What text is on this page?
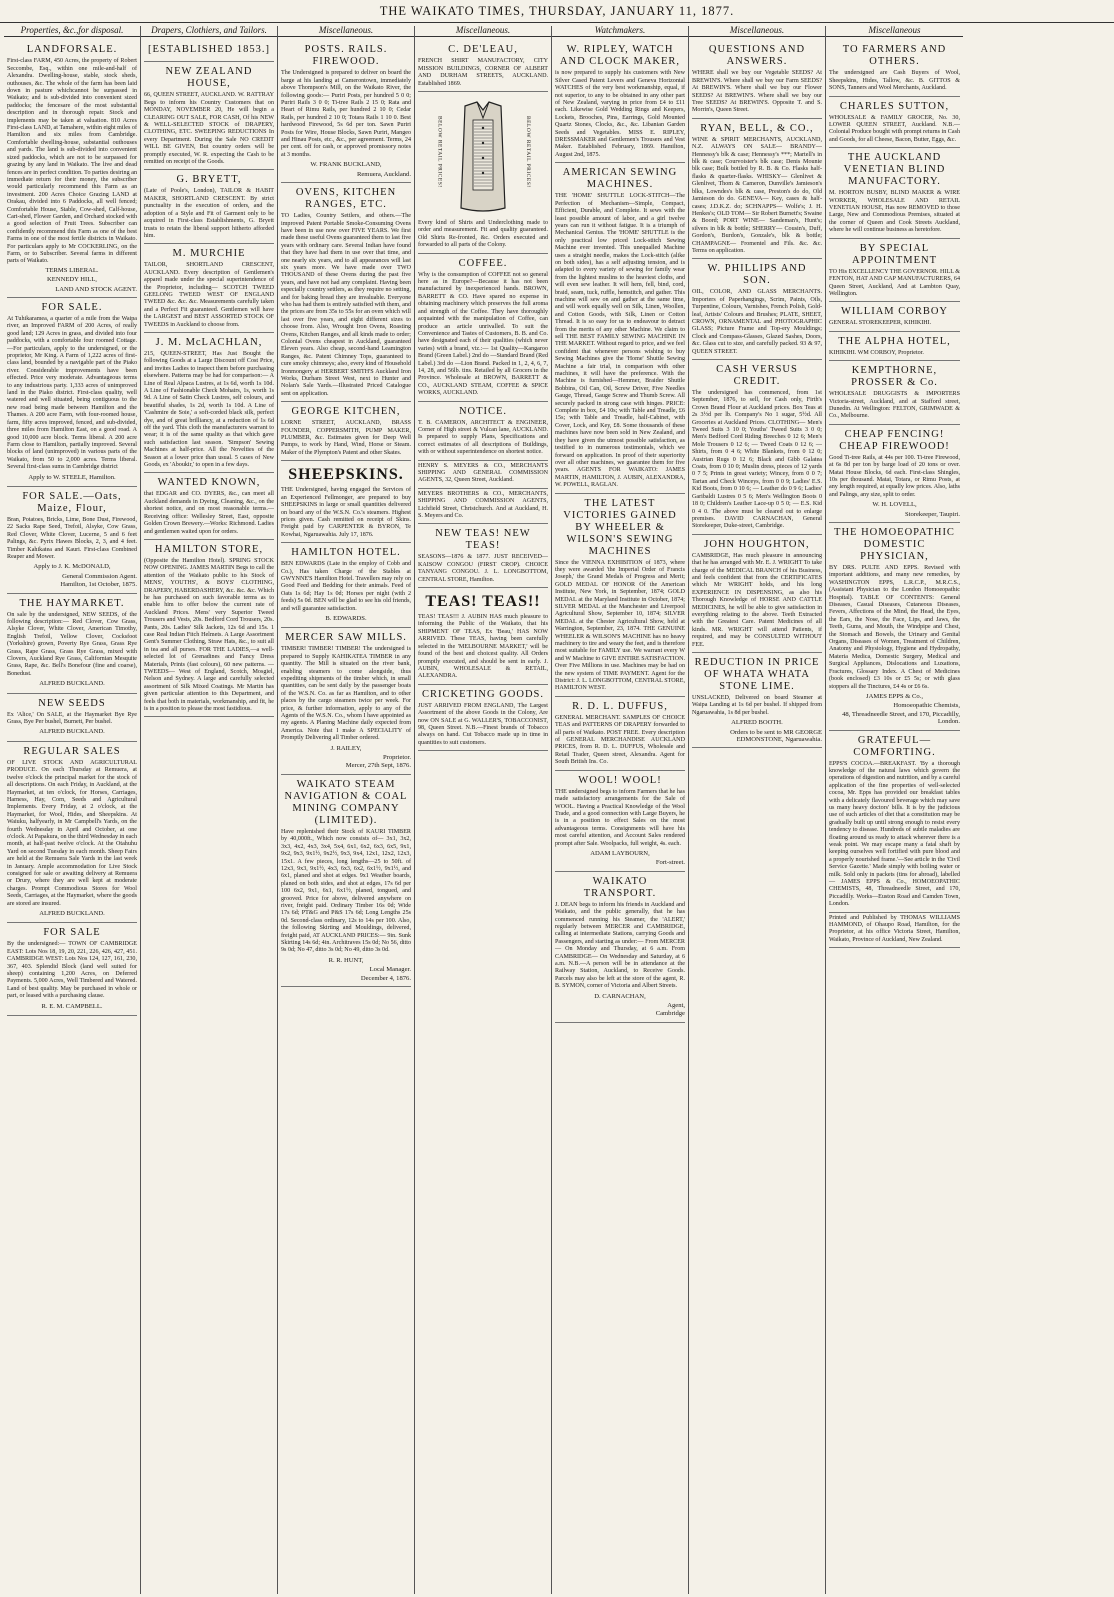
THE WAIKATO TIMES, THURSDAY, JANUARY 11, 1877.
Properties, &c.,for disposal.
LANDFORSALE.
First-class FARM, 450 Acres, the property of Robert Seccombe, Esq., within one mile-and-half of Alexandra. Dwelling-house, stable, stock sheds, outhouses, &c. The whole of the farm has been laid down in pasture whichcannot be surpassed in Waikato; and is sub-divided into convenient sized paddocks; the fencesare of the most substantial description and in thorough repair. Stock and implements may be taken at valuation. 810 Acres First-class LAND, at Tamahere, within eight miles of Hamilton and six miles from Cambridge. Comfortable dwelling-house, substantial outhouses and yards. The land is sub-divided into convenient sized paddocks, which are not to be surpassed for grazing by any land in Waikato. The live and dead fences are in perfect condition. To parties desiring an immediate return for their money, the subscriber would particularly recommend this Farm as an investment. 200 Acres Choice Grazing LAND at Orakau, divided into 6 Paddocks, all well fenced; Comfortable House, Stable, Cow-shed, Calf-house, Cart-shed, Flower Garden, and Orchard stocked with a good selection of Fruit Trees. Subscriber can confidently recommend this Farm as one of the best Farms in one of the most fertile districts in Waikato. For particulars apply to Mr COCKERLING, on the Farm, or to Subscriber. Several farms in different parts of Waikato.
TERMS LIBERAL.
KENNEDY HILL,
LAND AND STOCK AGENT.
FOR SALE.
At Tuhikaramea, a quarter of a mile from the Waipa river, an Improved FARM of 200 Acres, of really good land; 129 Acres in grass, and divided into four paddocks, with a comfortable four roomed Cottage.—For particulars, apply to the undersigned, or the proprietor, Mr King. A Farm of 1,222 acres of first-class land, bounded by a navigable part of the Piako river. Considerable improvements have been effected. Price very moderate. Advantageous terms to any industrious party. 1,333 acres of unimproved land in the Piako district. First-class quality, well watered and well situated, being contiguous to the new road being made between Hamilton and the Thames. A 200 acre Farm, with four-roomed house, farm, fifty acres improved, fenced, and sub-divided, three miles from Hamilton East, on a good road. A good 10,000 acre block. Terms liberal. A 200 acre Farm close to Hamilton, partially improved. Several blocks of land (unimproved) in various parts of the Waikato, from 50 to 2,000 acres. Terms liberal. Several first-class sums in Cambridge district
Apply to W. STEELE, Hamilton.
FOR SALE.—Oats, Maize, Flour,
Bran, Potatoes, Bricks, Lime, Bone Dust, Firewood, 22 Sacks Rape Seed, Trefoil, Alsyke, Cow Grass, Red Clover, White Clover, Lucerne, 5 and 6 feet Palings, &c. Pyrix Hawes Blocks, 2, 3, and 4 feet. Timber Kahikatea and Kauri. First-class Combined Reaper and Mower.
Apply to J. K. McDONALD,
General Commission Agent.
Hamilton, 1st October, 1875.
THE HAYMARKET.
On sale by the undersigned, NEW SEEDS, of the following description:— Red Clover, Cow Grass, Alsyke Clover, White Clover, American Timothy, English Trefoil, Yellow Clover, Cocksfoot (Yorkshire) grown, Poverty Rye Grass, Grass Rye Grass, Rape Grass, Grass Rye Grass, mixed with Clovers, Auckland Rye Grass, Californian Mesquite Grass, Rape, &c. Bell's Bonefour (fine and coarse), Bonedust.
ALFRED BUCKLAND.
NEW SEEDS
Ex 'Alice,' On SALE, at the Haymarket Bye Rye Grass, Bye Per bushel, Burnett, Per bushel.
ALFRED BUCKLAND.
REGULAR SALES
OF LIVE STOCK AND AGRICULTURAL PRODUCE. On each Thursday at Remuera, at twelve o'clock the principal market for the stock of all descriptions. On each Friday, in Auckland, at the Haymarket, at ten o'clock, for Horses, Carriages, Harness, Hay, Corn, Seeds and Agricultural Implements. Every Friday, at 2 o'clock, at the Haymarket, for Wool, Hides, and Sheepskins. At Waiuku, halfyearly, in Mr Campbell's Yards, on the fourth Wednesday in April and October, at one o'clock. At Papakura, on the third Wednesday in each month, at half-past twelve o'clock. At the Otahuhu Yard on second Tuesday in each month. Sheep Fairs are held at the Remuera Sale Yards in the last week in January. Ample accommodation for Live Stock consigned for sale or awaiting delivery at Remuera or Drury, where they are well kept at moderate charges. Prompt Commodious Stores for Wool Seeds, Carriages, at the Haymarket, where the goods are stored are insured.
ALFRED BUCKLAND.
FOR SALE
By the undersigned:— TOWN OF CAMBRIDGE EAST: Lots Nos 18, 19, 20, 221, 226, 426, 427, 451. CAMBRIDGE WEST: Lots Nos 124, 127, 161, 230, 367, 403. Splendid Block (land well suited for sheep) containing 1,200 Acres, on Deferred Payments. 5,000 Acres, Well Timbered and Watered. Land of best quality. May be purchased in whole or part, or leased with a purchasing clause.
R. E. M. CAMPBELL.
Drapers, Clothiers, and Tailors.
[ESTABLISHED 1853.]
NEW ZEALAND HOUSE,
66, QUEEN STREET, AUCKLAND. W. RATTRAY Begs to inform his Country Customers that on MONDAY, NOVEMBER 20, He will begin a CLEARING OUT SALE, FOR CASH, Of his NEW & WELL-SELECTED STOCK of DRAPERY, CLOTHING, ETC. SWEEPING REDUCTIONS In every Department. During the Sale NO CREDIT WILL BE GIVEN, But country orders will be promptly executed, W. R. expecting the Cash to be remitted on receipt of the Goods.
G. BRYETT,
(Late of Poole's, London), TAILOR & HABIT MAKER, SHORTLAND CRESCENT. By strict punctuality in the execution of orders, and the adoption of a Style and Fit of Garment only to be acquired in First-class Establishments, G. Bryett trusts to retain the liberal support hitherto afforded him.
M. MURCHIE
TAILOR, SHORTLAND CRESCENT, AUCKLAND. Every description of Gentlemen's apparel made under the special superintendence of the Proprietor, including— SCOTCH TWEED GEELONG TWEED WEST OF ENGLAND TWEED &c. &c. &c. Measurements carefully taken and a Perfect Fit guaranteed. Gentlemen will have the LARGEST and BEST ASSORTED STOCK OF TWEEDS in Auckland to choose from.
J. M. McLACHLAN,
215, QUEEN-STREET, Has Just Bought the following Goods at a Large Discount off Cost Price, and invites Ladies to inspect them before purchasing elsewhere. Patterns may be had for comparison:— A Line of Real Alpaca Lustres, at 1s 6d, worth 1s 10d. A Line of Fashionable Check Mohairs, 1s, worth 1s 9d. A Line of Satin Check Lustres, self colours, and beautiful shades, 1s 2d, worth 1s 10d. A Line of 'Cashmire de Soie,' a soft-corded black silk, perfect dye, and of great brilliancy, at a reduction of 1s 6d off the yard. This cloth the manufacturers warrant to wear; it is of the same quality as that which gave such satisfaction last season. 'Simpson' Sewing Machines at half-price. All the Novelties of the Season at a lower price than usual. 5 cases of New Goods, ex 'Aboukir,' to open in a few days.
WANTED KNOWN,
that EDGAR and CO. DYERS, &c., can meet all Auckland demands in Dyeing, Cleaning, &c., on the shortest notice, and on most reasonable terms.—Receiving office: Wellesley Street, East, opposite Golden Crown Brewery.—Works: Richmond. Ladies and gentlemen waited upon for orders.
HAMILTON STORE,
(Opposite the Hamilton Hotel). SPRING STOCK NOW OPENING. JAMES MARTIN Begs to call the attention of the Waikato public to his Stock of MENS', YOUTHS', & BOYS' CLOTHING, DRAPERY, HABERDASHERY, &c. &c. &c. Which he has purchased on such favorable terms as to enable him to offer below the current rate of Auckland Prices. Mens' very Superior Tweed Trousers and Vests, 20s. Bedford Cord Trousers, 20s. Pants, 20s. Ladies' Silk Jackets, 12s 6d and 15s. 1 case Real Indian Fitch Helmets. A Large Assortment Gent's Summer Clothing, Straw Hats, &c., to suit all in tea and all purses. FOR THE LADIES,—a well-selected lot of Grenadines and Fancy Dress Materials, Prints (fast colours), 60 new patterns. —TWEEDS— West of England, Scotch, Mosgiel, Nelson and Sydney. A large and carefully selected assortment of Silk Mixed Coatings. Mr Martin has given particular attention to this Department, and feels that both in materials, workmanship, and fit, he is in a position to please the most fastidious.
Miscellaneous.
POSTS. RAILS. FIREWOOD.
The Undersigned is prepared to deliver on board the barge at his landing at Camerontown, immediately above Thompson's Mill, on the Waikato River, the following goods:— Puriri Posts, per hundred 5 0 0; Puriri Rails 3 0 0; Ti-tree Rails 2 15 0; Rata and Heart of Rimu Rails, per hundred 2 10 0; Cedar Rails, per hundred 2 10 0; Totara Rails 1 10 0. Best hardwood Firewood, 5s 6d per ton. Sawn Puriri Posts for Wire, House Blocks, Sawn Puriri, Mangeo and Hinau Posts, etc., &c., per agreement. Terms, 24 per cent. off for cash, or approved promissory notes at 3 months.
W. FRANK BUCKLAND,
Remuera, Auckland.
OVENS, KITCHEN RANGES, ETC.
TO Ladies, Country Settlers, and others.—The improved Patent Portable Smoke-Consuming Ovens have been in use now over FIVE YEARS. We first made these useful Ovens guaranteed them to last five years with ordinary care. Several Indian have found that they have had them in use over that time, and one nearly six years, and to all appearances will last six years more. We have made over TWO THOUSAND of these Ovens during the past five years, and have not had any complaint. Having been especially country settlers, as they require no setting, and for baking bread they are invaluable. Everyone who has had them is entirely satisfied with them, and the prices are from 35s to 55s for an oven which will last over five years, and eight different sizes to choose from. Also, Wrought Iron Ovens, Roasting Ovens, Kitchen Ranges, and all kinds made to order; Colonial Ovens cheapest in Auckland, guaranteed Eleven years. Also cheap, second-hand Leamington Ranges, &c. Patent Chimney Tops, guaranteed to cure smoky chimneys; also, every kind of Household Ironmongery at HERBERT SMITH'S Auckland Iron Works, Durham Street West, next to Hunter and Nolan's Sale Yards.—Illustrated Priced Catalogue sent on application.
GEORGE KITCHEN,
LORNE STREET, AUCKLAND, BRASS FOUNDER, COPPERSMITH, PUMP MAKER, PLUMBER, &c. Estimates given for Deep Well Pumps, to work by Hand, Wind, Horse or Steam. Maker of the Plympton's Patent and other Skates.
SHEEPSKINS.
THE Undersigned, having engaged the Services of an Experienced Fellmonger, are prepared to buy SHEEPSKINS in large or small quantities delivered on board any of the W.S.N. Co.'s steamers. Highest prices given. Cash remitted on receipt of Skins. Freight paid by CARPENTER & BYRON, Te Kowhai, Ngaruawahia. July 17, 1876.
HAMILTON HOTEL.
BEN EDWARDS (Late in the employ of Cobb and Co.), Has taken Charge of the Stables at GWYNNE'S Hamilton Hotel. Travellers may rely on Good Feed and Bedding for their animals. Feed of Oats 1s 6d; Hay 1s 0d; Horses per night (with 2 feeds) 5s 0d. BEN will be glad to see his old friends, and will guarantee satisfaction.
B. EDWARDS.
MERCER SAW MILLS.
TIMBER! TIMBER! TIMBER! The undersigned is prepared to Supply KAHIKATEA TIMBER in any quantity. The Mill is situated on the river bank, enabling steamers to come alongside, thus expediting shipments of the timber which, in small quantities, can be sent daily by the passenger boats of the W.S.N. Co. as far as Hamilton, and to other places by the cargo steamers twice per week. For price, & further information, apply to any of the Agents of the W.S.N. Co., whom I have appointed as my agents. A Planing Machine daily expected from America. Note that I make A SPECIALITY of Promptly Delivering all Timber ordered.
J. RAILEY,
Proprietor.
Mercer, 27th Sept, 1876.
WAIKATO STEAM NAVIGATION & COAL MINING COMPANY (LIMITED).
Have replenished their Stock of KAURI TIMBER by 40,000ft., Which now consists of— 3x1, 3x2, 3x3, 4x2, 4x3, 3x4, 5x4, 6x1, 6x2, 6x3, 6x5, 9x1, 9x2, 9x3, 9x1½, 9x2½, 9x3, 9x4, 12x1, 12x2, 12x3, 15x1. A few pieces, long lengths—25 to 50ft. of 12x3, 9x3, 9x1½, 4x3, 6x3, 6x2, 6x1½, 9x1½, and 6x1, planed and shot at edges. 9x1 Weather boards, planed on both sides, and shot at edges, 17s 6d per 100 6x2, 9x1, 6x1, 6x1½, planed, tongued, and grooved. Price for above, delivered anywhere on river, freight paid. Ordinary Timber 16s 0d; Wide 17s 6d; PT&G and P&S 17s 6d; Long Lengths 25s 0d. Second-class ordinary, 12s to 14s per 100. Also, the following Skirting and Mouldings, delivered, freight paid, AT AUCKLAND PRICES:— 9in. Sunk Skirting 14s 6d; 4in. Architraves 15s 0d; No 56, ditto 9s 0d; No 47, ditto 3s 0d; No 49, ditto 3s 0d.
R. R. HUNT,
Local Manager.
December 4, 1876.
Miscellaneous.
C. DE'LEAU,
FRENCH SHIRT MANUFACTORY, CITY MISSION BUILDINGS, CORNER OF ALBERT AND DURHAM STREETS, AUCKLAND. Established 1869.
BELOW RETAIL PRICES!	BELOW RETAIL PRICES!
Every kind of Shirts and Underclothing made to order and measurement. Fit and quality guaranteed. Old Shirts Re-fronted, &c. Orders executed and forwarded to all parts of the Colony.
COFFEE.
Why is the consumption of COFFEE not so general here as in Europe?—Because it has not been manufactured by inexperienced hands. BROWN, BARRETT & CO. Have spared no expense in obtaining machinery which preserves the full aroma and strength of the Coffee. They have thoroughly acquainted with the manipulation of Coffee, can produce an article unrivalled. To suit the Convenience and Tastes of Customers, B. B. and Co. have designated each of their qualities (which never varies) with a brand, viz.:— 1st Quality—Kangaroo Brand (Green Label.) 2nd do —Standard Brand (Red Label.) 3rd do —Lion Brand. Packed in 1, 2, 4, 6, 7, 14, 28, and 56lb. tins. Retailed by all Grocers in the Province. Wholesale at BROWN, BARRETT & CO., AUCKLAND STEAM, COFFEE & SPICE WORKS, AUCKLAND.
NOTICE.
T. B. CAMERON, ARCHITECT & ENGINEER, Corner of High street & Vulcan lane, AUCKLAND. Is prepared to supply Plans, Specifications and correct estimates of all descriptions of Buildings, with or without superintendence on shortest notice.
HENRY S. MEYERS & CO., MERCHANTS SHIPPING AND GENERAL COMMISSION AGENTS, 32, Queen Street, Auckland.
MEYERS BROTHERS & CO., MERCHANTS, SHIPPING AND COMMISSION AGENTS, Lichfield Street, Christchurch. And at Auckland, H. S. Meyers and Co.
NEW TEAS! NEW TEAS!
SEASONS—1876 & 1877. JUST RECEIVED— KAISOW CONGOU (FIRST CROP). CHOICE TANYANG CONGOU. J. L. LONGBOTTOM, CENTRAL STORE, Hamilton.
TEAS! TEAS!!
TEAS! TEAS!!! J. AUBIN HAS much pleasure to informing the Public of the Waikato, that his SHIPMENT OF TEAS, Ex 'Beau,' HAS NOW ARRIVED. These TEAS, having been carefully selected in the 'MELBOURNE MARKET,' will be found of the best and choicest quality. All Orders promptly executed, and should be sent in early. J. AUBIN, WHOLESALE & RETAIL, ALEXANDRA.
CRICKETING GOODS.
JUST ARRIVED FROM ENGLAND, The Largest Assortment of the above Goods in the Colony, Are now ON SALE at G. WALLER'S, TOBACCONIST, 98, Queen Street. N.B.—Finest brands of Tobacco always on hand. Cut Tobacco made up in time in quantities to suit customers.
Watchmakers.
W. RIPLEY, WATCH AND CLOCK MAKER,
is now prepared to supply his customers with New Silver Cased Patent Levers and Geneva Horizontal WATCHES of the very best workmanship, equal, if not superior, to any to be obtained in any other part of New Zealand, varying in price from £4 to £11 each. Likewise Gold Wedding Rings and Keepers, Lockets, Brooches, Pins, Earrings, Gold Mounted Quartz Stones, Clocks, &c., &c. Libanian Garden Seeds and Vegetables. MISS E. RIPLEY, DRESSMAKER and Gentlemen's Trousers and Vest Maker. Established February, 1869. Hamilton, August 2nd, 1875.
AMERICAN SEWING MACHINES.
THE 'HOME' SHUTTLE LOCK-STITCH—The Perfection of Mechanism—Simple, Compact, Efficient, Durable, and Complete. It sews with the least possible amount of labor, and a girl twelve years can run it without fatigue. It is a triumph of Mechanical Genius. The 'HOME' SHUTTLE is the only practical low priced Lock-stitch Sewing Machine ever invented. This unequalled Machine uses a straight needle, makes the Lock-stitch (alike on both sides), has a self adjusting tension, and is adapted to every variety of sewing for family wear from the lightest muslins to the heaviest cloths, and will even sew leather. It will hem, fell, bind, cord, braid, seam, tuck, ruffle, hemstitch, and gather. This machine will sew on and gather at the same time, and will work equally well on Silk, Linen, Woollen, and Cotton Goods, with Silk, Linen or Cotton Thread. It is so easy for us to endeavour to detract from the merits of any other Machine. We claim to sell THE BEST FAMILY SEWING MACHINE IN THE MARKET. Without regard to price, and we feel confident that whenever persons wishing to buy Sewing Machines give the 'Home' Shuttle Sewing Machine a fair trial, in comparison with other machines, it will have the preference. With the Machine is furnished—Hemmer, Braider Shuttle Bobbins, Oil Can, Oil, Screw Driver, Five Needles Gauge, Thread, Gauge Screw and Thumb Screw. All securely packed in strong case with hinges. PRICE: Complete in box, £4 10s; with Table and Treadle, £6 15s; with Table and Treadle, half-Cabinet, with Cover, Lock, and Key, £8. Some thousands of these machines have now been sold in New Zealand, and they have given the utmost possible satisfaction, as testified to in numerous testimonials, which we forward on application. In proof of their superiority over all other machines, we guarantee them for five years. AGENTS FOR WAIKATO: JAMES MARTIN, HAMILTON, J. AUBIN, ALEXANDRA, W. POWELL, RAGLAN.
THE LATEST VICTORIES GAINED BY WHEELER & WILSON'S SEWING MACHINES
Since the VIENNA EXHIBITION of 1873, where they were awarded 'the Imperial Order of Francis Joseph,' the Grand Medals of Progress and Merit; GOLD MEDAL OF HONOR Of the American Institute, New York, in September, 1874; GOLD MEDAL at the Maryland Institute in October, 1874; SILVER MEDAL at the Manchester and Liverpool Agricultural Show, September 10, 1874; SILVER MEDAL at the Chester Agricultural Show, held at Warrington, September, 23, 1874. THE GENUINE WHEELER & WILSON'S MACHINE has no heavy machinery to tire and weary the feet, and is therefore most suitable for FAMILY use. We warrant every W and W Machine to GIVE ENTIRE SATISFACTION. Over Five Millions in use. Machines may be had on the new system of TIME PAYMENT. Agent for the District: J. L. LONGBOTTOM, CENTRAL STORE, HAMILTON WEST.
R. D. L. DUFFUS,
GENERAL MERCHANT. SAMPLES OF CHOICE TEAS and PATTERNS OF DRAPERY forwarded to all parts of Waikato. POST FREE. Every description of GENERAL MERCHANDISE AUCKLAND PRICES, from R. D. L. DUFFUS, Wholesale and Retail Trader, Queen street, Alexandra. Agent for South British Ins. Co.
WOOL! WOOL!
THE undersigned begs to inform Farmers that he has made satisfactory arrangements for the Sale of WOOL. Having a Practical Knowledge of the Wool Trade, and a good connection with Large Buyers, he is in a position to effect Sales on the most advantageous terms. Consignments will have his most careful attention, and Account Sales rendered prompt after Sale. Woolpacks, full weight, 4s. each.
ADAM LAYBOURN,
Fort-street.
WAIKATO TRANSPORT.
J. DEAN begs to inform his friends in Auckland and Waikato, and the public generally, that he has commenced running his Steamer, the 'ALERT,' regularly between MERCER and CAMBRIDGE, calling at intermediate Stations, carrying Goods and Passengers, and starting as under:— From MERCER— On Monday and Thursday, at 6 a.m. From CAMBRIDGE— On Wednesday and Saturday, at 6 a.m. N.B.—A person will be in attendance at the Railway Station, Auckland, to Receive Goods. Parcels may also be left at the store of the agent, R. B. SYMON, corner of Victoria and Albert Streets.
D. CARNACHAN,
Agent,
Cambridge
Miscellaneous.
QUESTIONS AND ANSWERS.
WHERE shall we buy our Vegetable SEEDS? At BREWIN'S. Where shall we buy our Farm SEEDS? At BREWIN'S. Where shall we buy our Flower SEEDS? At BREWIN'S. Where shall we buy our Tree SEEDS? At BREWIN'S. Opposite T. and S. Morrin's, Queen Street.
RYAN, BELL, & CO.,
WINE & SPIRIT MERCHANTS, AUCKLAND, N.Z. ALWAYS ON SALE— BRANDY— Hennessy's blk & case; Hennessy's ***; Martell's in blk & case; Courvoisier's blk case; Denis Mounie blk case; Bulk bottled by R. B. & Co. Flasks half-flasks & quarter-flasks. WHISKY— Glenlivet & Glenlivet, Thom & Cameron, Dunville's Jamieson's blks, Lowndes's blk & case, Preston's do do, Old Jamieson do do. GENEVA— Key, cases & half-cases; J.D.K.Z. do; SCHNAPPS— Wolfe's; J. H. Henkes's; OLD TOM— Sir Robert Burnett's; Swaine & Boord; PORT WINE— Sandeman's, Hunt's; silvers in blk & bottle; SHERRY— Cousin's, Duff, Gordon's, Burdon's, Gonzale's, blk & bottle; CHAMPAGNE— Fromentel and Fils. &c. &c. Terms on application.
W. PHILLIPS AND SON.
OIL, COLOR, AND GLASS MERCHANTS. Importers of Paperhangings, Scrim, Paints, Oils, Turpentine, Colours, Varnishes, French Polish, Gold-leaf, Artists' Colours and Brushes; PLATE, SHEET, CROWN, ORNAMENTAL and PHOTOGRAPHIC GLASS; Picture Frame and Top-ery Mouldings; Clock and Compass-Glasses, Glazed Sashes, Doors, &c. Glass cut to size, and carefully packed. 93 & 97, QUEEN STREET.
CASH VERSUS CREDIT.
The undersigned has commenced, from 1st September, 1876, to sell, for Cash only, Firth's Crown Brand Flour at Auckland prices. Box Teas at 2s 3½d per lb. Company's No 1 sugar, 5½d. All Groceries at Auckland Prices. CLOTHING— Men's Tweed Suits 3 10 0; Youths' Tweed Suits 3 0 0; Men's Bedford Cord Riding Breeches 0 12 6; Men's Mole Trousers 0 12 6; — Tweed Coats 0 12 6; — Shirts, from 0 4 6; White Blankets, from 0 12 0; Austrian Rugs 0 12 6; Black and Gibb Galatea Coats, from 0 10 0; Muslin dress, pieces of 12 yards 0 7 5; Prints in great variety; Wincey, from 0 0 7; Tartan and Check Winceys, from 0 0 9; Ladies' E.S. Kid Boots, from 0 10 6; — Leather do 0 9 6; Ladies' Garibaldi Lustres 0 5 6; Men's Wellington Boots 0 18 0; Children's Leather Lace-up 0 5 0; — E.S. Kid 0 4 0. The above must be cleared out to enlarge premises. DAVID CARNACHAN, General Storekeeper, Duke-street, Cambridge.
JOHN HOUGHTON,
CAMBRIDGE, Has much pleasure in announcing that he has arranged with Mr. E. J. WRIGHT To take charge of the MEDICAL BRANCH of his Business, and feels confident that from the CERTIFICATES which Mr WRIGHT holds, and his long EXPERIENCE IN DISPENSING, as also his Thorough Knowledge of HORSE AND CATTLE MEDICINES, he will be able to give satisfaction in everything relating to the above. Teeth Extracted with the Greatest Care. Patent Medicines of all kinds. MR. WRIGHT will attend Patients, if required, and may be CONSULTED WITHOUT FEE.
REDUCTION IN PRICE OF WHATA WHATA STONE LIME.
UNSLACKED, Delivered on board Steamer at Waipa Landing at 1s 6d per bushel. If shipped from Ngaruawahia, 1s 8d per bushel.
ALFRED BOOTH.
Orders to be sent to MR GEORGE EDMONSTONE, Ngaruawahia.
Miscellaneous
TO FARMERS AND OTHERS.
The undersigned are Cash Buyers of Wool, Sheepskins, Hides, Tallow, &c. B. GITTOS & SONS, Tanners and Wool Merchants, Auckland.
CHARLES SUTTON,
WHOLESALE & FAMILY GROCER, No. 30, LOWER QUEEN STREET, Auckland. N.B.—Colonial Produce bought with prompt returns in Cash and Goods, for all Cheese, Bacon, Butter, Eggs, &c.
THE AUCKLAND VENETIAN BLIND MANUFACTORY.
M. HORTON BUSBY, BLIND MAKER & WIRE WORKER, WHOLESALE AND RETAIL VENETIAN HOUSE, Has now REMOVED to those Large, New and Commodious Premises, situated at the corner of Queen and Cook Streets Auckland, where he will continue business as heretofore.
BY SPECIAL APPOINTMENT
TO His EXCELLENCY THE GOVERNOR. HILL & FENTON, HAT AND CAP MANUFACTURERS, 64 Queen Street, Auckland, And at Lambton Quay, Wellington.
WILLIAM CORBOY
GENERAL STOREKEEPER, KIHIKIHI.
THE ALPHA HOTEL,
KIHIKIHI. WM CORBOY, Proprietor.
KEMPTHORNE, PROSSER & Co.
WHOLESALE DRUGGISTS & IMPORTERS Victoria-street, Auckland, and at Stafford street, Dunedin. At Wellington: FELTON, GRIMWADE & Co., Melbourne.
CHEAP FENCING! CHEAP FIREWOOD!
Good Ti-tree Rails, at 44s per 100. Ti-tree Firewood, at 6s 8d per ton by barge load of 20 tons or over. Matai House Blocks, 6d each. First-class Shingles, 10s per thousand. Matai, Totara, or Rimu Posts, at any length required, at equally low prices. Also, laths and Palings, any size, split to order.
W. H. LOVELL,
Storekeeper, Taupiri.
THE HOMOEOPATHIC DOMESTIC PHYSICIAN,
BY DRS. PULTE AND EPPS. Revised with important additions, and many new remedies, by WASHINGTON EPPS, L.R.C.P., M.R.C.S., (Assistant Physician to the London Homoeopathic Hospital). TABLE OF CONTENTS: General Diseases, Casual Diseases, Cutaneous Diseases, Fevers, Affections of the Mind, the Head, the Eyes, the Ears, the Nose, the Face, Lips, and Jaws, the Teeth, Gums, and Mouth, the Windpipe and Chest, the Stomach and Bowels, the Urinary and Genital Organs, Diseases of Women, Treatment of Children, Anatomy and Physiology, Hygiene and Hydropathy, Materia Medica, Domestic Surgery, Medical and Surgical Appliances, Dislocations and Luxations, Fractures, Glossary Index. A Chest of Medicines (book enclosed) £3 10s or £5 5s; or with glass stoppers all the Tinctures, £4 4s or £6 6s.
JAMES EPPS & Co.,
Homoeopathic Chemists,
48, Threadneedle Street, and 170, Piccadilly, London.
GRATEFUL—COMFORTING.
EPPS'S COCOA.—BREAKFAST. 'By a thorough knowledge of the natural laws which govern the operations of digestion and nutrition, and by a careful application of the fine properties of well-selected cocoa, Mr. Epps has provided our breakfast tables with a delicately flavoured beverage which may save us many heavy doctors' bills. It is by the judicious use of such articles of diet that a constitution may be gradually built up until strong enough to resist every tendency to disease. Hundreds of subtle maladies are floating around us ready to attack wherever there is a weak point. We may escape many a fatal shaft by keeping ourselves well fortified with pure blood and a properly nourished frame.'—See article in the 'Civil Service Gazette.' Made simply with boiling water or milk. Sold only in packets (tins for abroad), labelled— JAMES EPPS & Co., HOMOEOPATHIC CHEMISTS, 48, Threadneedle Street, and 170, Piccadilly. Works—Euston Road and Camden Town, London.
Printed and Published by THOMAS WILLIAMS HAMMOND, of Ohaupo Road, Hamilton, for the Proprietor, at his office Victoria Street, Hamilton, Waikato, Province of Auckland, New Zealand.
